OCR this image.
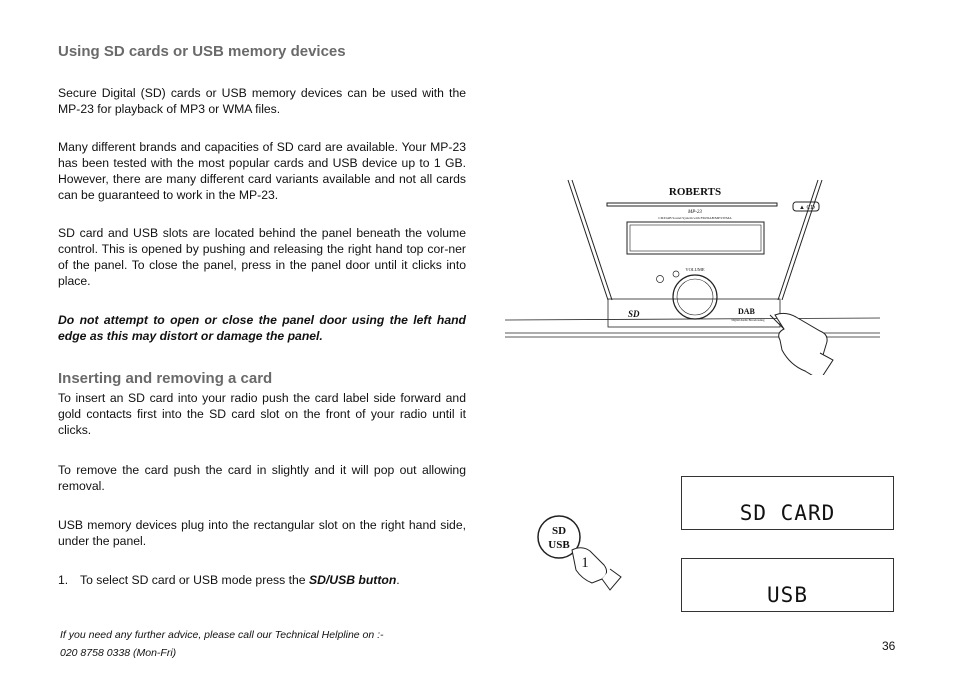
Using SD cards or USB memory devices

Secure Digital (SD) cards or USB memory devices can be used with the MP-23 for playback of MP3 or WMA files.

Many different brands and capacities of SD card are available. Your MP-23 has been tested with the most popular cards and USB device up to 1 GB. However, there are many different card variants available and not all cards can be guaranteed to work in the MP-23.

SD card and USB slots are located behind the panel beneath the volume control. This is opened by pushing and releasing the right hand top cor-ner of the panel. To close the panel, press in the panel door until it clicks into place.

Do not attempt to open or close the panel door using the left hand edge as this may distort or damage the panel.

Inserting and removing a card

To insert an SD card into your radio push the card label side forward and gold contacts first into the SD card slot on the front of your radio until it clicks.

To remove the card push the card in slightly and it will pop out allowing removal.

USB memory devices plug into the rectangular slot on the right hand side, under the panel.

1. To select SD card or USB mode press the SD/USB button.

If you need any further advice, please call our Technical Helpline on :-

020 8758 0338 (Mon-Fri)	36
▲ CD
ROBERTS
MP-23
CD/DAB Sound System with FM/DAB/MP3/WMA
VOLUME
SD	DAB
Digital Audio Broadcasting
SD
USB
1
SD CARD
USB
